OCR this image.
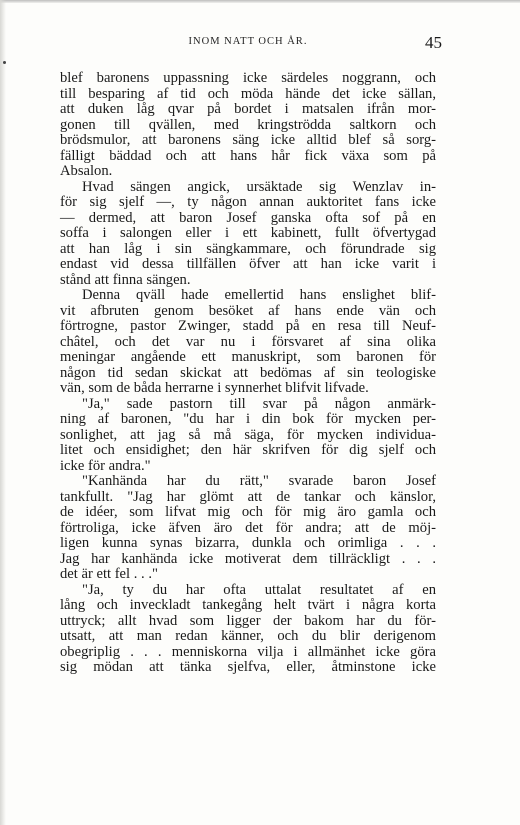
INOM NATT OCH ÅR.	45
blef baronens uppassning icke särdeles noggrann, och
till besparing af tid och möda hände det icke sällan,
att duken låg qvar på bordet i matsalen ifrån mor-
gonen till qvällen, med kringströdda saltkorn och
brödsmulor, att baronens säng icke alltid blef så sorg-
fälligt bäddad och att hans hår fick växa som på
Absalon.
Hvad sängen angick, ursäktade sig Wenzlav in-
för sig sjelf —, ty någon annan auktoritet fans icke
— dermed, att baron Josef ganska ofta sof på en
soffa i salongen eller i ett kabinett, fullt öfvertygad
att han låg i sin sängkammare, och förundrade sig
endast vid dessa tillfällen öfver att han icke varit i
stånd att finna sängen.
Denna qväll hade emellertid hans enslighet blif-
vit afbruten genom besöket af hans ende vän och
förtrogne, pastor Zwinger, stadd på en resa till Neuf-
châtel, och det var nu i försvaret af sina olika
meningar angående ett manuskript, som baronen för
någon tid sedan skickat att bedömas af sin teologiske
vän, som de båda herrarne i synnerhet blifvit lifvade.
"Ja," sade pastorn till svar på någon anmärk-
ning af baronen, "du har i din bok för mycken per-
sonlighet, att jag så må säga, för mycken individua-
litet och ensidighet; den här skrifven för dig sjelf och
icke för andra."
"Kanhända har du rätt," svarade baron Josef
tankfullt. "Jag har glömt att de tankar och känslor,
de idéer, som lifvat mig och för mig äro gamla och
förtroliga, icke äfven äro det för andra; att de möj-
ligen kunna synas bizarra, dunkla och orimliga . . .
Jag har kanhända icke motiverat dem tillräckligt . . .
det är ett fel . . ."
"Ja, ty du har ofta uttalat resultatet af en
lång och inveckladt tankegång helt tvärt i några korta
uttryck; allt hvad som ligger der bakom har du för-
utsatt, att man redan känner, och du blir derigenom
obegriplig . . . menniskorna vilja i allmänhet icke göra
sig mödan att tänka sjelfva, eller, åtminstone icke
